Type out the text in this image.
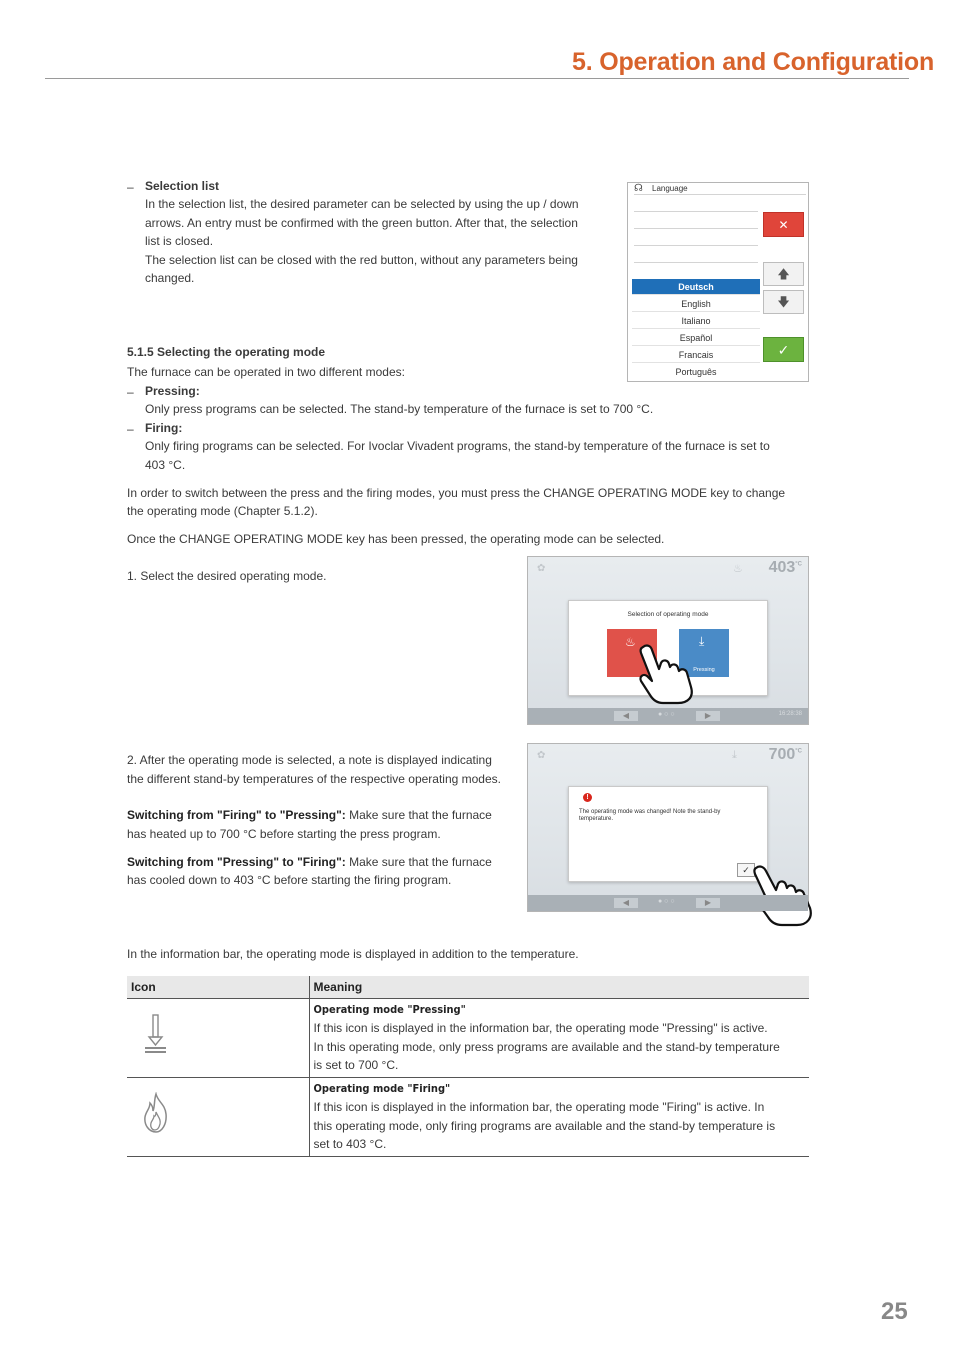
5. Operation and Configuration
– Selection list

In the selection list, the desired parameter can be selected by using the up / down

arrows. An entry must be confirmed with the green button. After that, the selection

list is closed.

The selection list can be closed with the red button, without any parameters being

changed.

☊ Language
✕
🡅
🡇
Deutsch
English
Italiano
Español
Francais
Português
✓

5.1.5 Selecting the operating mode

The furnace can be operated in two different modes:

– Pressing:

Only press programs can be selected. The stand-by temperature of the furnace is set to 700 °C.

– Firing:

Only firing programs can be selected. For Ivoclar Vivadent programs, the stand-by temperature of the furnace is set to

403 °C.

In order to switch between the press and the firing modes, you must press the CHANGE OPERATING MODE key to change

the operating mode (Chapter 5.1.2).

Once the CHANGE OPERATING MODE key has been pressed, the operating mode can be selected.

1. Select the desired operating mode.

✿	♨ $403^{^\circ C}$
Selection of operating mode
♨	⤓
Pressing
◀	● ○ ○	▶	16:28:38

2. After the operating mode is selected, a note is displayed indicating

the different stand-by temperatures of the respective operating modes.

Switching from "Firing" to "Pressing": Make sure that the furnace

has heated up to 700 °C before starting the press program.

Switching from "Pressing" to "Firing": Make sure that the furnace

has cooled down to 403 °C before starting the firing program.

✿	⤓ $700^{^\circ C}$
!
The operating mode was changed! Note the stand-by temperature.
✓
◀	● ○ ○	▶

In the information bar, the operating mode is displayed in addition to the temperature.

Icon	Meaning

Operating mode "Pressing"
If this icon is displayed in the information bar, the operating mode "Pressing" is active.
In this operating mode, only press programs are available and the stand-by temperature
is set to 700 °C.

Operating mode "Firing"
If this icon is displayed in the information bar, the operating mode "Firing" is active. In
this operating mode, only firing programs are available and the stand-by temperature is
set to 403 °C.
25
